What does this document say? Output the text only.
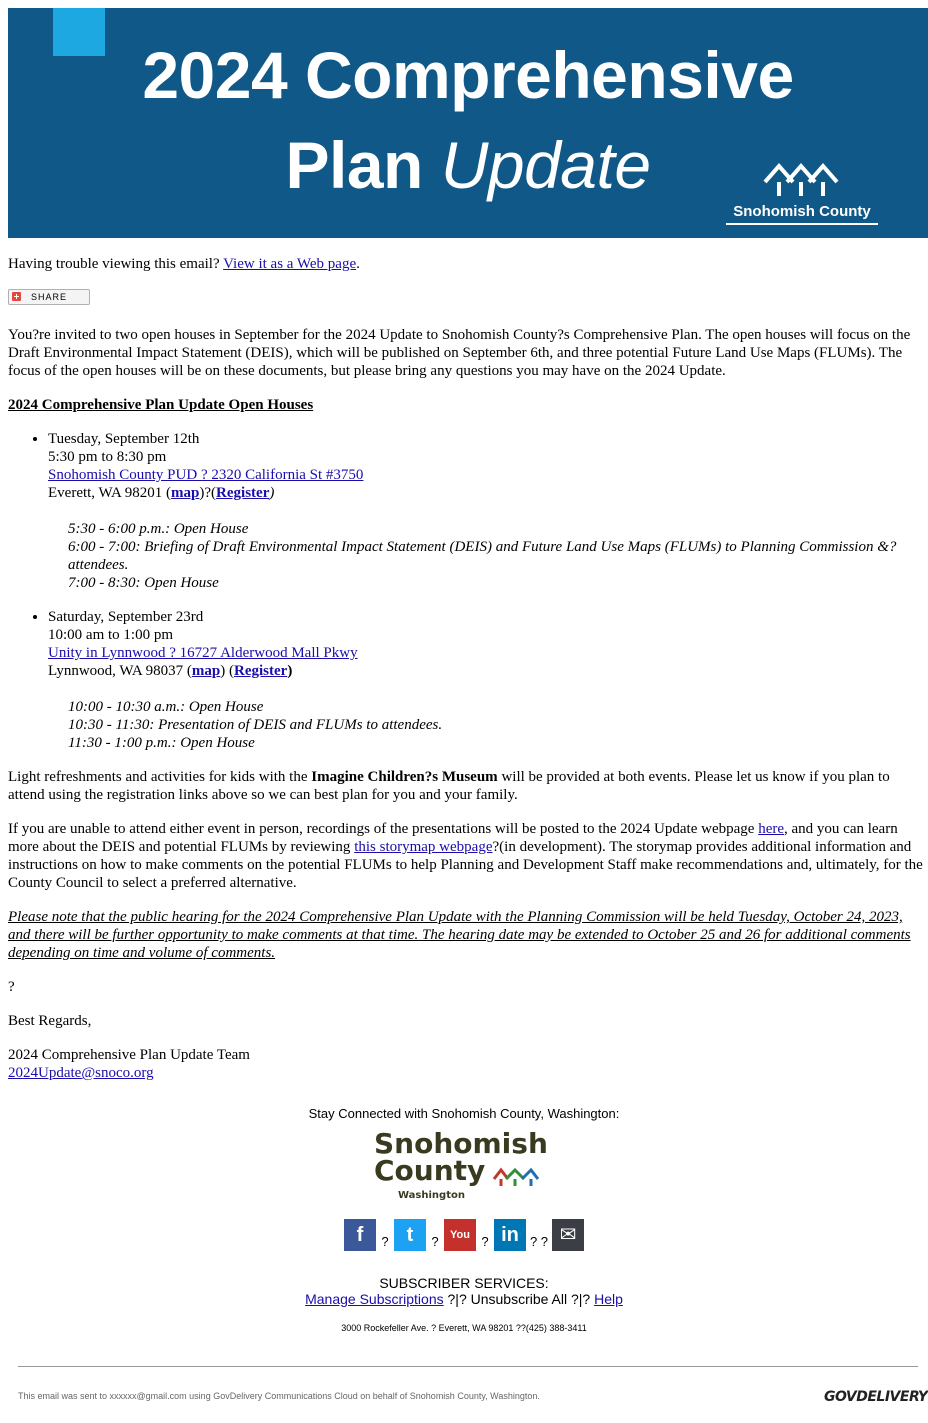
2024 Comprehensive
Plan Update
Snohomish County

Having trouble viewing this email? View it as a Web page.

SHARE

You?re invited to two open houses in September for the 2024 Update to Snohomish County?s Comprehensive Plan. The open houses will focus on the Draft Environmental Impact Statement (DEIS), which will be published on September 6th, and three potential Future Land Use Maps (FLUMs). The focus of the open houses will be on these documents, but please bring any questions you may have on the 2024 Update.

2024 Comprehensive Plan Update Open Houses

• Tuesday, September 12th
5:30 pm to 8:30 pm
Snohomish County PUD ? 2320 California St #3750
Everett, WA 98201 (map)?(Register)
5:30 - 6:00 p.m.: Open House
6:00 - 7:00: Briefing of Draft Environmental Impact Statement (DEIS) and Future Land Use Maps (FLUMs) to Planning Commission &?attendees.
7:00 - 8:30: Open House
• Saturday, September 23rd
10:00 am to 1:00 pm
Unity in Lynnwood ? 16727 Alderwood Mall Pkwy
Lynnwood, WA 98037 (map) (Register)
10:00 - 10:30 a.m.: Open House
10:30 - 11:30: Presentation of DEIS and FLUMs to attendees.
11:30 - 1:00 p.m.: Open House

Light refreshments and activities for kids with the Imagine Children?s Museum will be provided at both events. Please let us know if you plan to attend using the registration links above so we can best plan for you and your family.

If you are unable to attend either event in person, recordings of the presentations will be posted to the 2024 Update webpage here, and you can learn more about the DEIS and potential FLUMs by reviewing this storymap webpage?(in development). The storymap provides additional information and instructions on how to make comments on the potential FLUMs to help Planning and Development Staff make recommendations and, ultimately, for the County Council to select a preferred alternative.

Please note that the public hearing for the 2024 Comprehensive Plan Update with the Planning Commission will be held Tuesday, October 24, 2023, and there will be further opportunity to make comments at that time. The hearing date may be extended to October 25 and 26 for additional comments depending on time and volume of comments.

?

Best Regards,

2024 Comprehensive Plan Update Team
2024Update@snoco.org
Stay Connected with Snohomish County, Washington:
Snohomish
County
Washington
f ? t ? You Tube? in ? ? ✉
SUBSCRIBER SERVICES:
Manage Subscriptions ?|? Unsubscribe All ?|? Help
3000 Rockefeller Ave. ? Everett, WA 98201 ??(425) 388-3411
This email was sent to xxxxxx@gmail.com using GovDelivery Communications Cloud on behalf of Snohomish County, Washington.	GOVDELIVERY
